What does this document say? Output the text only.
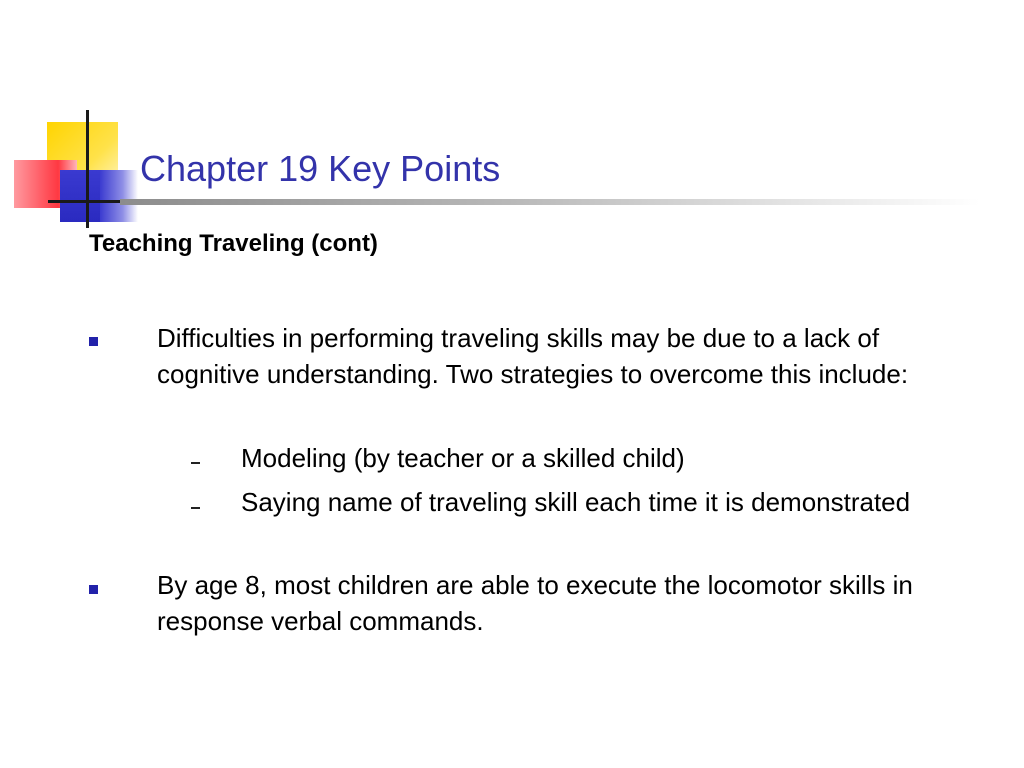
Chapter 19 Key Points
Teaching Traveling (cont)
Difficulties in performing traveling skills may be due to a lack of cognitive understanding. Two strategies to overcome this include:
Modeling (by teacher or a skilled child)
Saying name of traveling skill each time it is demonstrated
By age 8, most children are able to execute the locomotor skills in response verbal commands.
